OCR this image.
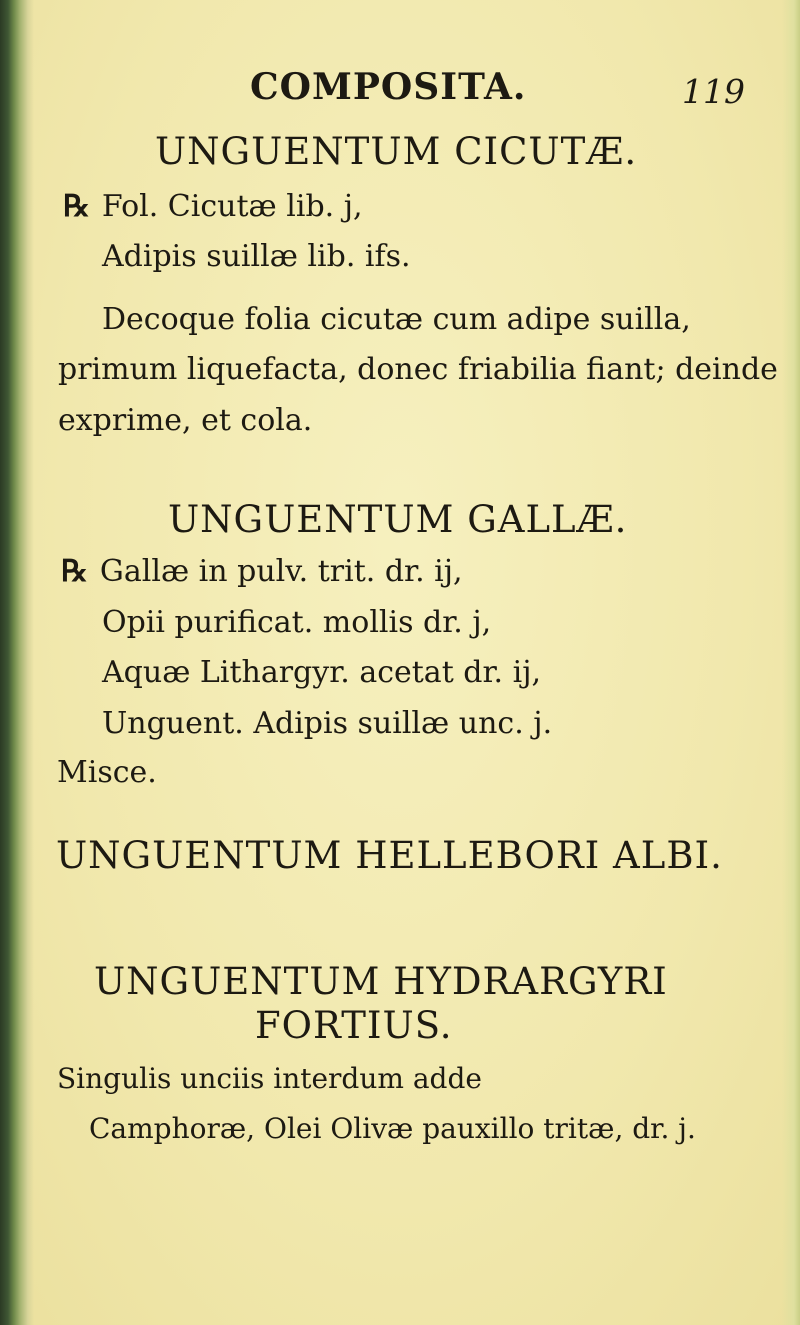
COMPOSITA.	119
UNGUENTUM CICUTÆ.
℞ Fol. Cicutæ lib. j,
Adipis suillæ lib. ifs.
Decoque folia cicutæ cum adipe suilla,
primum liquefacta, donec friabilia fiant; deinde
exprime, et cola.
UNGUENTUM GALLÆ.
℞ Gallæ in pulv. trit. dr. ij,
Opii purificat. mollis dr. j,
Aquæ Lithargyr. acetat dr. ij,
Unguent. Adipis suillæ unc. j.
Misce.
UNGUENTUM HELLEBORI ALBI.
UNGUENTUM HYDRARGYRI
FORTIUS.
Singulis unciis interdum adde
Camphoræ, Olei Olivæ pauxillo tritæ, dr. j.
